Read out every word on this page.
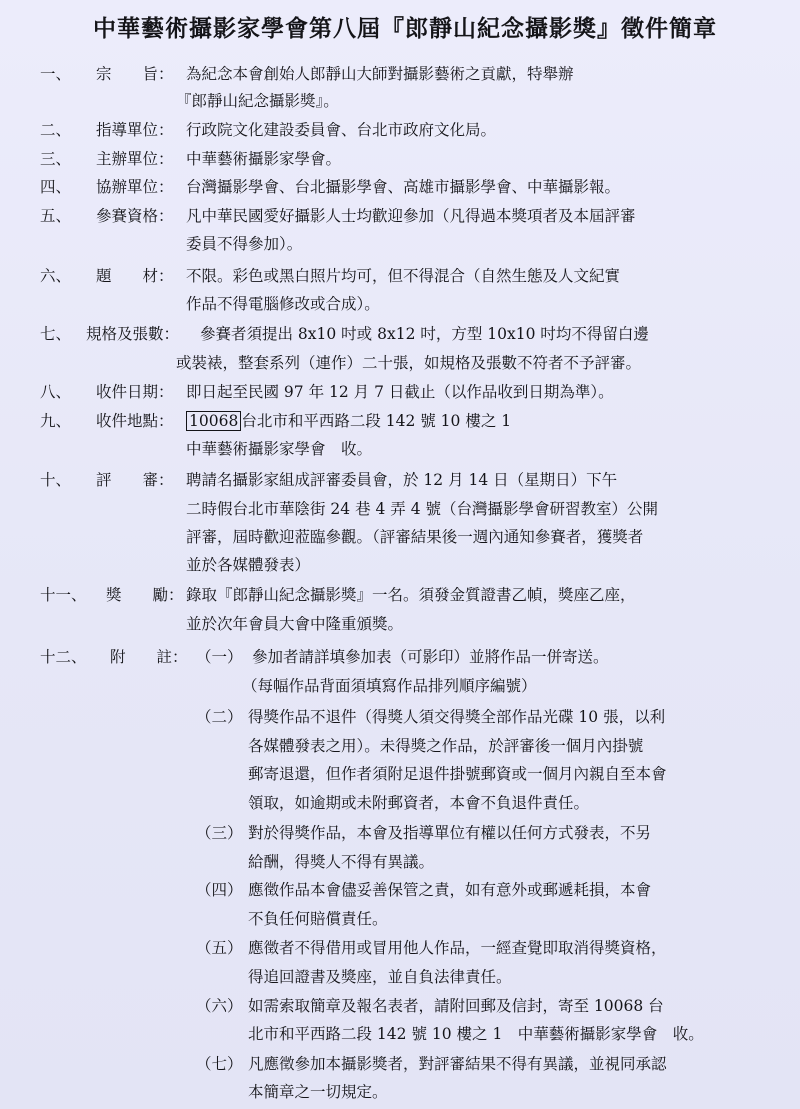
中華藝術攝影家學會第八屆『郎靜山紀念攝影獎』徵件簡章
一、 宗　　旨： 為紀念本會創始人郎靜山大師對攝影藝術之貢獻，特舉辦
『郎靜山紀念攝影獎』。
二、 指導單位： 行政院文化建設委員會、台北市政府文化局。
三、 主辦單位： 中華藝術攝影家學會。
四、 協辦單位： 台灣攝影學會、台北攝影學會、高雄市攝影學會、中華攝影報。
五、 參賽資格： 凡中華民國愛好攝影人士均歡迎參加（凡得過本獎項者及本屆評審
委員不得參加）。
六、 題　　材： 不限。彩色或黑白照片均可，但不得混合（自然生態及人文紀實
作品不得電腦修改或合成）。
七、 規格及張數： 參賽者須提出 8x10 吋或 8x12 吋，方型 10x10 吋均不得留白邊
或裝裱，整套系列（連作）二十張，如規格及張數不符者不予評審。
八、 收件日期： 即日起至民國 97 年 12 月 7 日截止（以作品收到日期為準）。
九、 收件地點： 10068 台北市和平西路二段 142 號 10 樓之 1
中華藝術攝影家學會　收。
十、 評　　審： 聘請名攝影家組成評審委員會，於 12 月 14 日（星期日）下午
二時假台北市華陰街 24 巷 4 弄 4 號（台灣攝影學會研習教室）公開
評審，屆時歡迎蒞臨參觀。（評審結果後一週內通知參賽者，獲獎者
並於各媒體發表）
十一、 獎　　勵： 錄取『郎靜山紀念攝影獎』一名。須發金質證書乙幀，獎座乙座，
並於次年會員大會中隆重頒獎。
十二、 附　　註： （一） 參加者請詳填參加表（可影印）並將作品一併寄送。
（每幅作品背面須填寫作品排列順序編號）
（二） 得獎作品不退件（得獎人須交得獎全部作品光碟 10 張，以利
各媒體發表之用）。未得獎之作品，於評審後一個月內掛號
郵寄退還，但作者須附足退件掛號郵資或一個月內親自至本會
領取，如逾期或未附郵資者，本會不負退件責任。
（三） 對於得獎作品，本會及指導單位有權以任何方式發表，不另
給酬，得獎人不得有異議。
（四） 應徵作品本會儘妥善保管之責，如有意外或郵遞耗損，本會
不負任何賠償責任。
（五） 應徵者不得借用或冒用他人作品，一經查覺即取消得獎資格，
得追回證書及獎座，並自負法律責任。
（六） 如需索取簡章及報名表者，請附回郵及信封，寄至 10068 台
北市和平西路二段 142 號 10 樓之 1　中華藝術攝影家學會　收。
（七） 凡應徵參加本攝影獎者，對評審結果不得有異議，並視同承認
本簡章之一切規定。
